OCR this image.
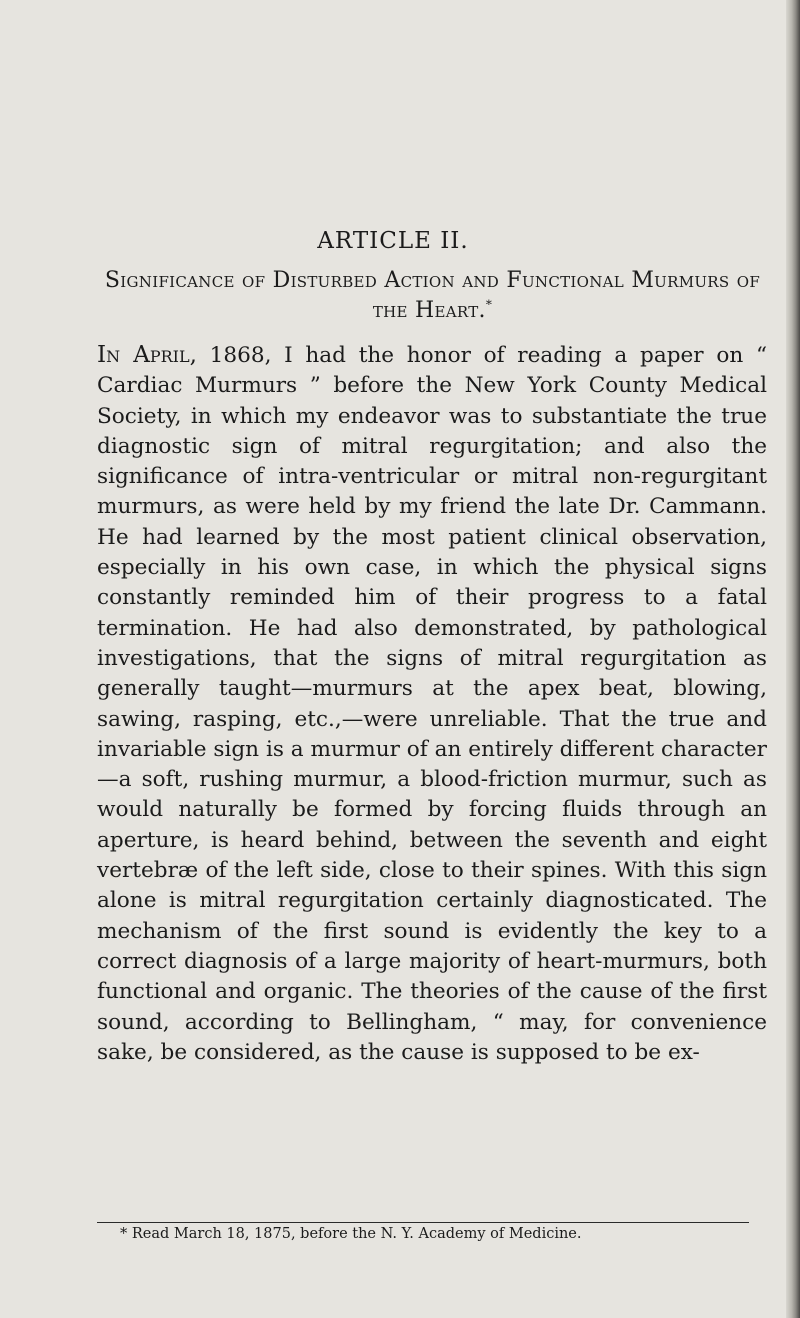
ARTICLE II.
Significance of Disturbed Action and Functional Murmurs of the Heart.*

In April, 1868, I had the honor of reading a paper on “ Cardiac Murmurs ” before the New York County Medical Society, in which my endeavor was to substantiate the true diagnostic sign of mitral regurgitation; and also the significance of intra-ventricular or mitral non-regurgitant murmurs, as were held by my friend the late Dr. Cammann. He had learned by the most patient clinical observation, especially in his own case, in which the physical signs constantly reminded him of their progress to a fatal termination. He had also demonstrated, by pathological investigations, that the signs of mitral regurgitation as generally taught—murmurs at the apex beat, blowing, sawing, rasping, etc.,—were unreliable. That the true and invariable sign is a murmur of an entirely different character—a soft, rushing murmur, a blood-friction murmur, such as would naturally be formed by forcing fluids through an aperture, is heard behind, between the seventh and eight vertebræ of the left side, close to their spines. With this sign alone is mitral regurgitation certainly diagnosticated. The mechanism of the first sound is evidently the key to a correct diagnosis of a large majority of heart-murmurs, both functional and organic. The theories of the cause of the first sound, according to Bellingham, “ may, for convenience sake, be considered, as the cause is supposed to be ex-

* Read March 18, 1875, before the N. Y. Academy of Medicine.
